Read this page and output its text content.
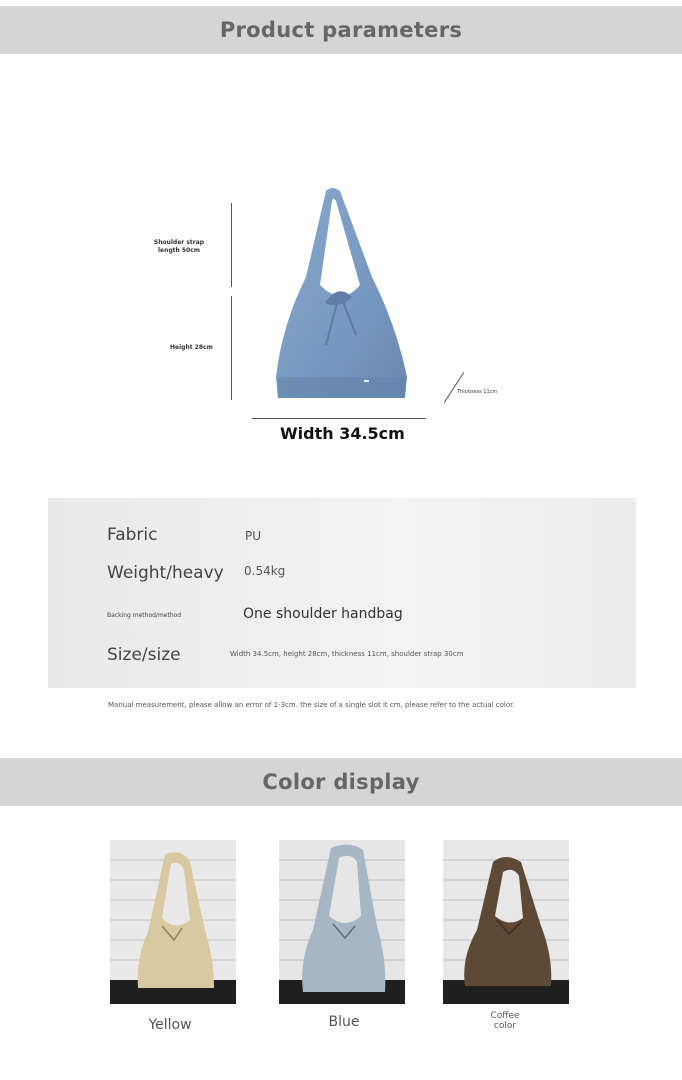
Product parameters
Shoulder strap length 50cm
Height 28cm
Thickness 11cm
Width 34.5cm
Fabric	PU
Weight/heavy 0.54kg
Backing method/method	One shoulder handbag
Size/size	Width 34.5cm, height 28cm, thickness 11cm, shoulder strap 30cm
Manual measurement, please allow an error of 1-3cm. the size of a single slot it cm, please refer to the actual color.
Color display
Yellow	Blue	Coffee color
